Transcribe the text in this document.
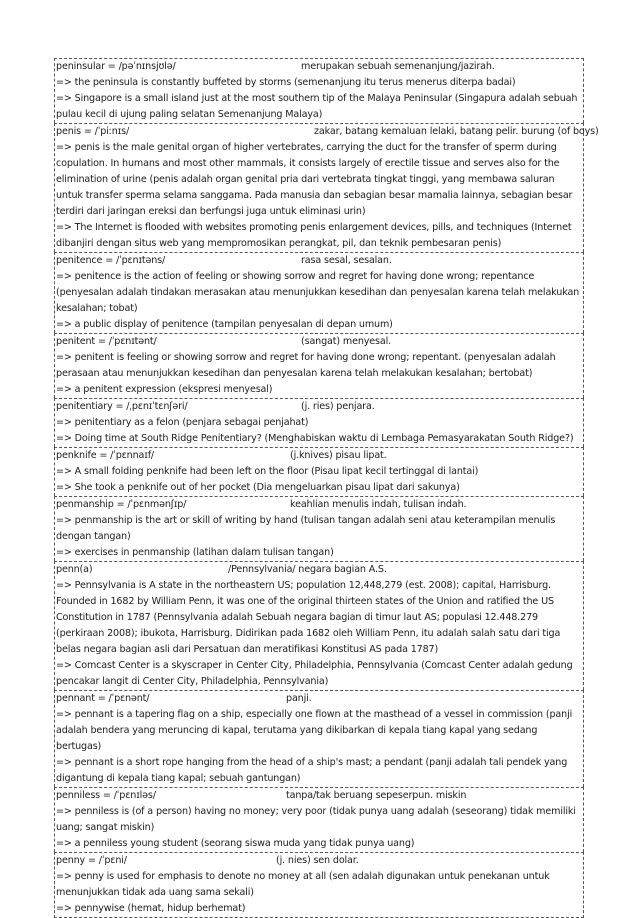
peninsular = /pəˈnɪnsjʊlə/	merupakan sebuah semenanjung/jazirah.

=> the peninsula is constantly buffeted by storms (semenanjung itu terus menerus diterpa badai)

=> Singapore is a small island just at the most southern tip of the Malaya Peninsular (Singapura adalah sebuah pulau kecil di ujung paling selatan Semenanjung Malaya)

penis = /ˈpiːnɪs/	zakar, batang kemaluan lelaki, batang pelir. burung (of boys)

=> penis is the male genital organ of higher vertebrates, carrying the duct for the transfer of sperm during copulation. In humans and most other mammals, it consists largely of erectile tissue and serves also for the elimination of urine (penis adalah organ genital pria dari vertebrata tingkat tinggi, yang membawa saluran untuk transfer sperma selama sanggama. Pada manusia dan sebagian besar mamalia lainnya, sebagian besar terdiri dari jaringan ereksi dan berfungsi juga untuk eliminasi urin)

=> The Internet is flooded with websites promoting penis enlargement devices, pills, and techniques (Internet dibanjiri dengan situs web yang mempromosikan perangkat, pil, dan teknik pembesaran penis)

penitence = /ˈpɛnɪtəns/	rasa sesal, sesalan.

=> penitence is the action of feeling or showing sorrow and regret for having done wrong; repentance (penyesalan adalah tindakan merasakan atau menunjukkan kesedihan dan penyesalan karena telah melakukan kesalahan; tobat)

=> a public display of penitence (tampilan penyesalan di depan umum)

penitent = /ˈpɛnɪtənt/	(sangat) menyesal.

=> penitent is feeling or showing sorrow and regret for having done wrong; repentant. (penyesalan adalah perasaan atau menunjukkan kesedihan dan penyesalan karena telah melakukan kesalahan; bertobat)

=> a penitent expression (ekspresi menyesal)

penitentiary = /ˌpɛnɪˈtɛnʃəri/	(j. ries) penjara.

=> penitentiary as a felon (penjara sebagai penjahat)

=> Doing time at South Ridge Penitentiary? (Menghabiskan waktu di Lembaga Pemasyarakatan South Ridge?)

penknife = /ˈpɛnnaɪf/	(j.knives) pisau lipat.

=> A small folding penknife had been left on the floor (Pisau lipat kecil tertinggal di lantai)

=> She took a penknife out of her pocket (Dia mengeluarkan pisau lipat dari sakunya)

penmanship = /ˈpɛnmənʃɪp/	keahlian menulis indah, tulisan indah.

=> penmanship is the art or skill of writing by hand (tulisan tangan adalah seni atau keterampilan menulis dengan tangan)

=> exercises in penmanship (latihan dalam tulisan tangan)

penn(a)	/Pennsylvania/ negara bagian A.S.

=> Pennsylvania is A state in the northeastern US; population 12,448,279 (est. 2008); capital, Harrisburg. Founded in 1682 by William Penn, it was one of the original thirteen states of the Union and ratified the US Constitution in 1787 (Pennsylvania adalah Sebuah negara bagian di timur laut AS; populasi 12.448.279 (perkiraan 2008); ibukota, Harrisburg. Didirikan pada 1682 oleh William Penn, itu adalah salah satu dari tiga belas negara bagian asli dari Persatuan dan meratifikasi Konstitusi AS pada 1787)

=> Comcast Center is a skyscraper in Center City, Philadelphia, Pennsylvania (Comcast Center adalah gedung pencakar langit di Center City, Philadelphia, Pennsylvania)

pennant = /ˈpɛnənt/	panji.

=> pennant is a tapering flag on a ship, especially one flown at the masthead of a vessel in commission (panji adalah bendera yang meruncing di kapal, terutama yang dikibarkan di kepala tiang kapal yang sedang bertugas)

=> pennant is a short rope hanging from the head of a ship's mast; a pendant (panji adalah tali pendek yang digantung di kepala tiang kapal; sebuah gantungan)

penniless = /ˈpɛnɪləs/	tanpa/tak beruang sepeserpun. miskin

=> penniless is (of a person) having no money; very poor (tidak punya uang adalah (seseorang) tidak memiliki uang; sangat miskin)

=> a penniless young student (seorang siswa muda yang tidak punya uang)

penny = /ˈpɛni/	(j. nies) sen dolar.

=> penny is used for emphasis to denote no money at all (sen adalah digunakan untuk penekanan untuk menunjukkan tidak ada uang sama sekali)

=> pennywise (hemat, hidup berhemat)
